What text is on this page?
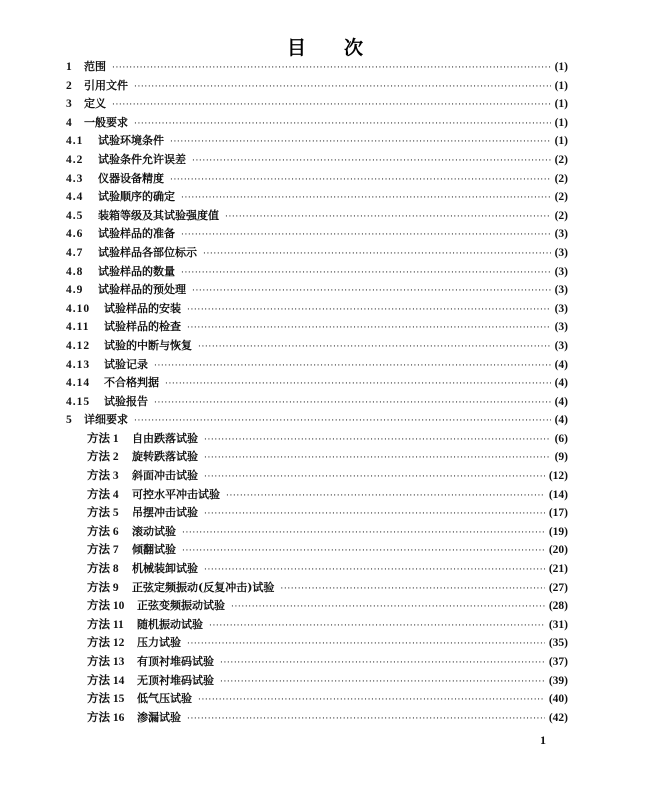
目 次
1	范围 ·····	(1)
2	引用文件 ·····	(1)
3	定义 ·····	(1)
4	一般要求 ·····	(1)
4.1	试验环境条件 ·····	(1)
4.2	试验条件允许误差 ·····	(2)
4.3	仪器设备精度 ·····	(2)
4.4	试验顺序的确定 ·····	(2)
4.5	装箱等级及其试验强度值 ·····	(2)
4.6	试验样品的准备 ·····	(3)
4.7	试验样品各部位标示 ·····	(3)
4.8	试验样品的数量 ·····	(3)
4.9	试验样品的预处理 ·····	(3)
4.10	试验样品的安装 ·····	(3)
4.11	试验样品的检查 ·····	(3)
4.12	试验的中断与恢复 ·····	(3)
4.13	试验记录 ·····	(4)
4.14	不合格判据 ·····	(4)
4.15	试验报告 ·····	(4)
5	详细要求 ·····	(4)
方法 1	自由跌落试验 ·····	(6)
方法 2	旋转跌落试验 ·····	(9)
方法 3	斜面冲击试验 ·····	(12)
方法 4	可控水平冲击试验 ·····	(14)
方法 5	吊摆冲击试验 ·····	(17)
方法 6	滚动试验 ·····	(19)
方法 7	倾翻试验 ·····	(20)
方法 8	机械装卸试验 ·····	(21)
方法 9	正弦定频振动(反复冲击)试验 ·····	(27)
方法 10	正弦变频振动试验 ·····	(28)
方法 11	随机振动试验 ·····	(31)
方法 12	压力试验 ·····	(35)
方法 13	有顶衬堆码试验 ·····	(37)
方法 14	无顶衬堆码试验 ·····	(39)
方法 15	低气压试验 ·····	(40)
方法 16	渗漏试验 ·····	(42)
1
